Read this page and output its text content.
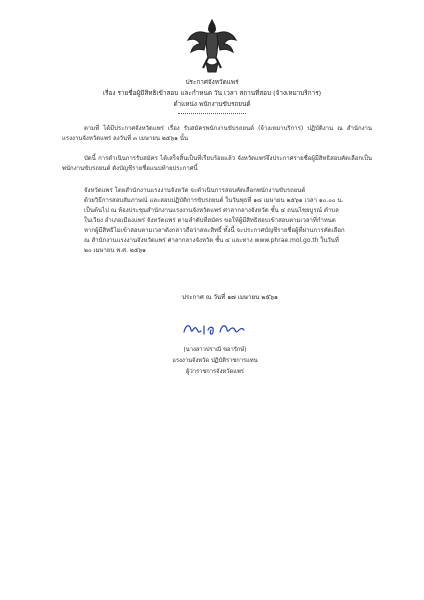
ประกาศจังหวัดแพร่
เรื่อง รายชื่อผู้มีสิทธิเข้าสอบ และกำหนด วัน เวลา สถานที่สอบ (จ้างเหมาบริการ)
ตำแหน่ง พนักงานขับรถยนต์
ตามที่ ได้มีประกาศจังหวัดแพร่ เรื่อง รับสมัครพนักงานขับรถยนต์ (จ้างเหมาบริการ) ปฏิบัติงาน ณ สำนักงานแรงงานจังหวัดแพร่ ลงวันที่ ๓ เมษายน ๒๕๖๑ นั้น
บัดนี้ การดำเนินการรับสมัคร ได้เสร็จสิ้นเป็นที่เรียบร้อยแล้ว จังหวัดแพร่จึงประกาศรายชื่อผู้มีสิทธิสอบคัดเลือกเป็นพนักงานขับรถยนต์ ดังบัญชีรายชื่อแนบท้ายประกาศนี้
จังหวัดแพร่ โดยสำนักงานแรงงานจังหวัด จะดำเนินการสอบคัดเลือกพนักงานขับรถยนต์
ด้วยวิธีการสอบสัมภาษณ์ และสอบปฏิบัติการขับรถยนต์ ในวันพุธที่ ๑๘ เมษายน ๒๕๖๑ เวลา ๑๐.๐๐ น.
เป็นต้นไป ณ ห้องประชุมสำนักงานแรงงานจังหวัดแพร่ ศาลากลางจังหวัด ชั้น ๔ ถนนไชยบูรณ์ ตำบล
ในเวียง อำเภอเมืองแพร่ จังหวัดแพร่ ตามลำดับที่สมัคร ขอให้ผู้มีสิทธิสอบเข้าสอบตามเวลาที่กำหนด
หากผู้มีสิทธิไม่เข้าสอบตามเวลาดังกล่าวถือว่าสละสิทธิ์ ทั้งนี้ จะประกาศบัญชีรายชื่อผู้ที่ผ่านการคัดเลือก
ณ สำนักงานแรงงานจังหวัดแพร่ ศาลากลางจังหวัด ชั้น ๔ และทาง www.phrae.mol.go.th ในวันที่
๒๐ เมษายน พ.ศ. ๒๕๖๑
ประกาศ ณ วันที่ ๑๗ เมษายน ๒๕๖๑
(นางสาวปราณี ขอารักษ์)
แรงงานจังหวัด ปฏิบัติราชการแทน
ผู้ว่าราชการจังหวัดแพร่
